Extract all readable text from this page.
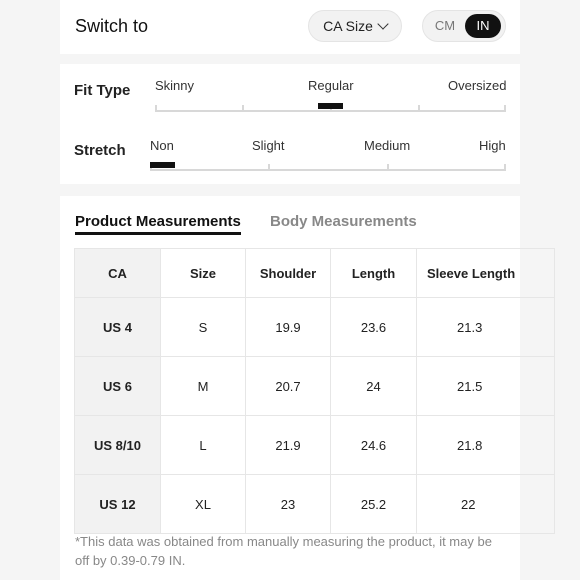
Switch to	CA Size	CM	IN
Fit Type Skinny	Regular	Oversized
Stretch Non	Slight	Medium	High
Product Measurements Body Measurements
CA	Size	Shoulder	Length	Sleeve Length
US 4	S	19.9	23.6	21.3
US 6	M	20.7	24	21.5
US 8/10	L	21.9	24.6	21.8
US 12	XL	23	25.2	22
*This data was obtained from manually measuring the product, it may be off by 0.39-0.79 IN.
